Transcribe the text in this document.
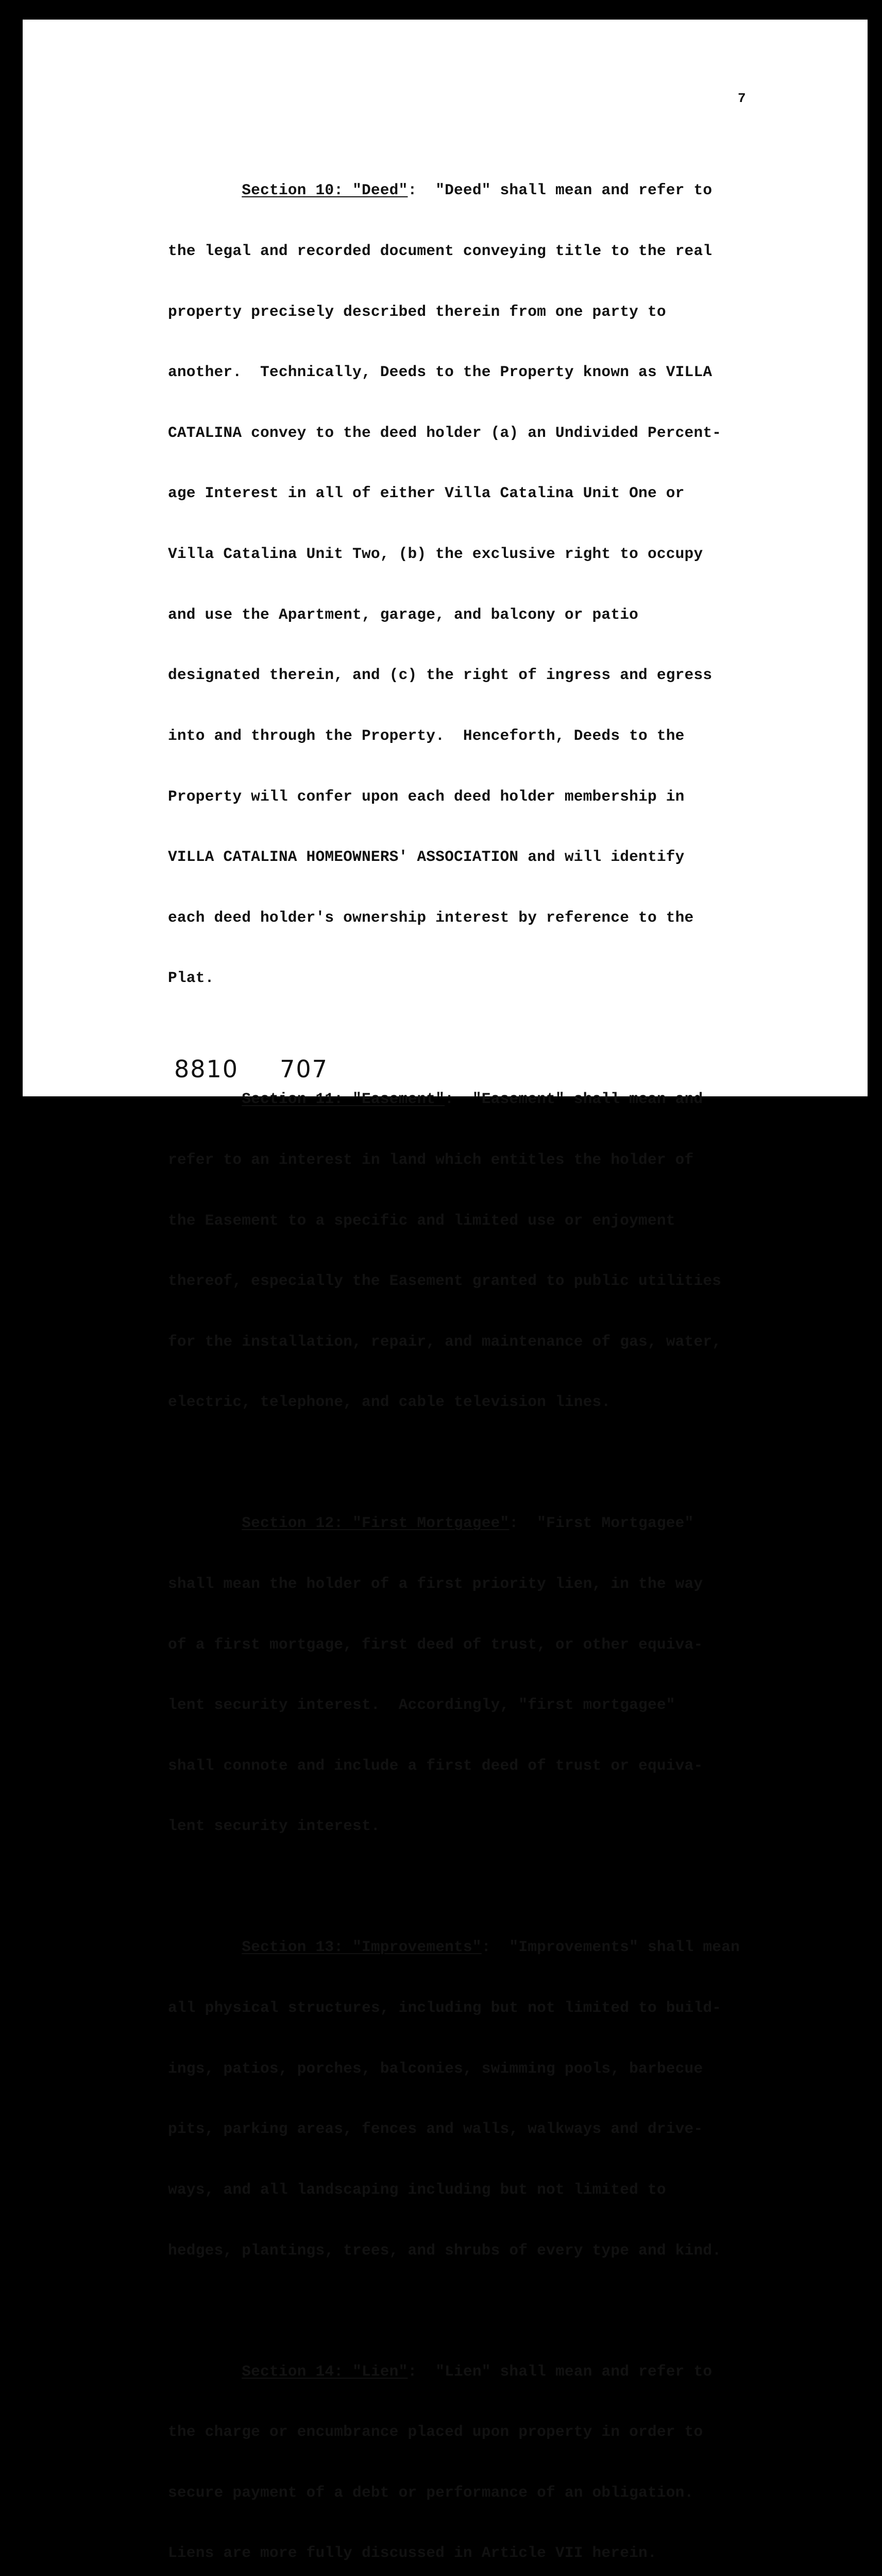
7

Section 10: "Deed":  "Deed" shall mean and refer to

the legal and recorded document conveying title to the real

property precisely described therein from one party to

another.  Technically, Deeds to the Property known as VILLA

CATALINA convey to the deed holder (a) an Undivided Percent-

age Interest in all of either Villa Catalina Unit One or

Villa Catalina Unit Two, (b) the exclusive right to occupy

and use the Apartment, garage, and balcony or patio

designated therein, and (c) the right of ingress and egress

into and through the Property.  Henceforth, Deeds to the

Property will confer upon each deed holder membership in

VILLA CATALINA HOMEOWNERS' ASSOCIATION and will identify

each deed holder's ownership interest by reference to the

Plat.

Section 11: "Easement":  "Easement" shall mean and

refer to an interest in land which entitles the holder of

the Easement to a specific and limited use or enjoyment

thereof, especially the Easement granted to public utilities

for the installation, repair, and maintenance of gas, water,

electric, telephone, and cable television lines.

Section 12: "First Mortgagee":  "First Mortgagee"

shall mean the holder of a first priority lien, in the way

of a first mortgage, first deed of trust, or other equiva-

lent security interest.  Accordingly, "first mortgagee"

shall connote and include a first deed of trust or equiva-

lent security interest.

Section 13: "Improvements":  "Improvements" shall mean

all physical structures, including but not limited to build-

ings, patios, porches, balconies, swimming pools, barbecue

pits, parking areas, fences and walls, walkways and drive-

ways, and all landscaping including but not limited to

hedges, plantings, trees, and shrubs of every type and kind.

Section 14: "Lien":  "Lien" shall mean and refer to

the charge or encumbrance placed upon property in order to

secure payment of a debt or performance of an obligation.

Liens are more fully discussed in Article VII herein.

8810 707
